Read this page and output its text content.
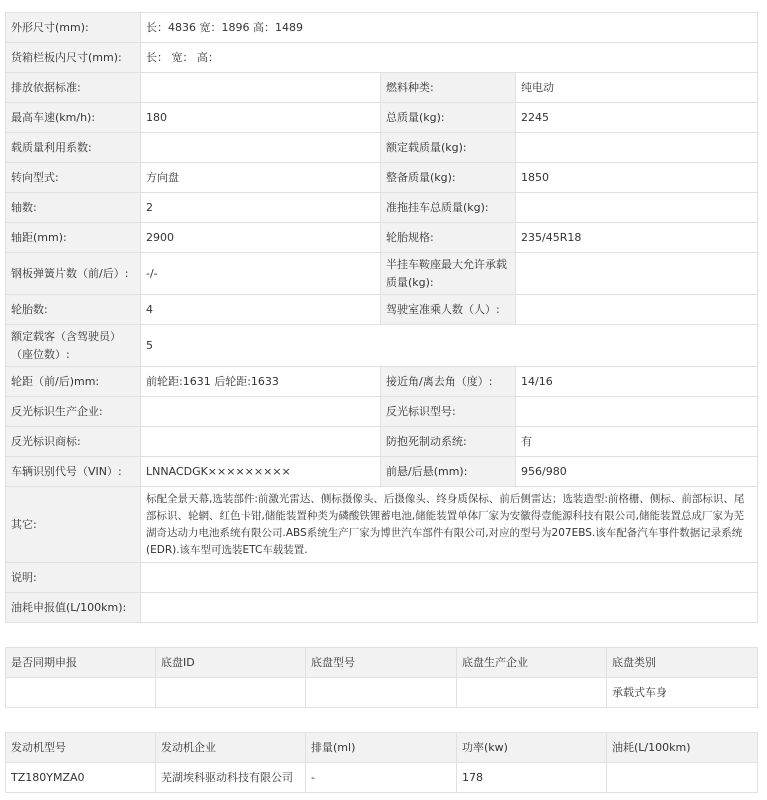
外形尺寸(mm):	长：4836 宽：1896 高：1489		
货箱栏板内尺寸(mm):	长： 宽： 高：		
排放依据标准:		燃料种类:	纯电动
最高车速(km/h):	180	总质量(kg):	2245
载质量利用系数:		额定载质量(kg):	
转向型式:	方向盘	整备质量(kg):	1850
轴数:	2	准拖挂车总质量(kg):	
轴距(mm):	2900	轮胎规格:	235/45R18
钢板弹簧片数（前/后）:	-/-	半挂车鞍座最大允许承载质量(kg):	
轮胎数:	4	驾驶室准乘人数（人）:	
额定载客（含驾驶员）（座位数）:	5		
轮距（前/后)mm:	前轮距:1631 后轮距:1633	接近角/离去角（度）:	14/16
反光标识生产企业:		反光标识型号:	
反光标识商标:		防抱死制动系统:	有
车辆识别代号（VIN）:	LNNACDGK×××××××××	前悬/后悬(mm):	956/980
其它:	标配全景天幕,选装部件:前激光雷达、侧标摄像头、后摄像头、终身质保标、前后侧雷达；选装造型:前格栅、侧标、前部标识、尾部标识、轮辋、红色卡钳,储能装置种类为磷酸铁锂蓄电池,储能装置单体厂家为安徽得壹能源科技有限公司,储能装置总成厂家为芜湖奇达动力电池系统有限公司.ABS系统生产厂家为博世汽车部件有限公司,对应的型号为207EBS.该车配备汽车事件数据记录系统(EDR).该车型可选装ETC车载装置.		
说明:			
油耗申报值(L/100km):			
是否同期申报	底盘ID	底盘型号	底盘生产企业	底盘类别
				承载式车身
发动机型号	发动机企业	排量(ml)	功率(kw)	油耗(L/100km)
TZ180YMZA0	芜湖埃科驱动科技有限公司	-	178	
